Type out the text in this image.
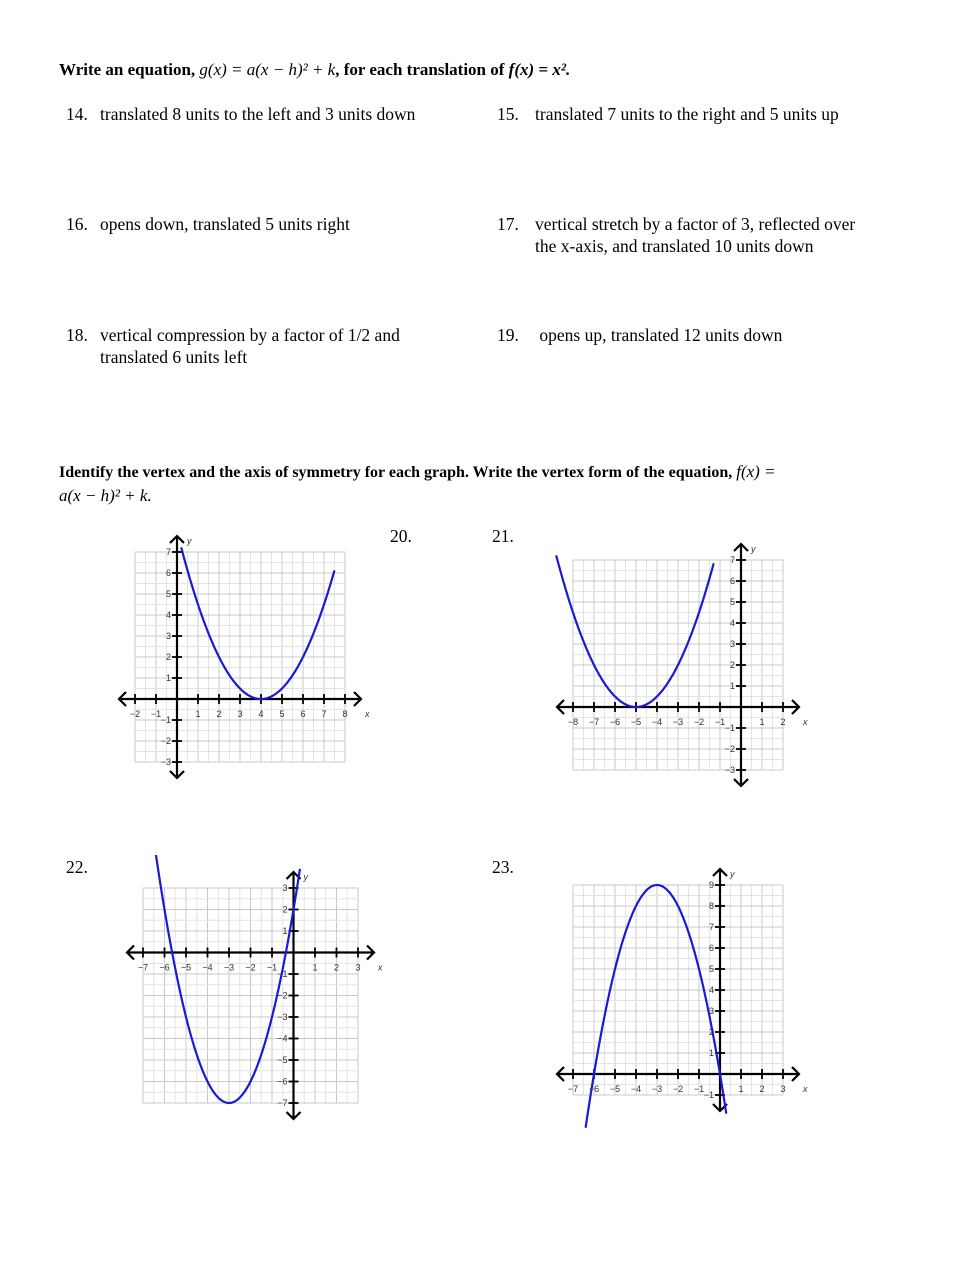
Write an equation, g(x) = a(x − h)² + k, for each translation of f(x) = x².
14. translated 8 units to the left and 3 units down	15. translated 7 units to the right and 5 units up
16. opens down, translated 5 units right	17. vertical stretch by a factor of 3, reflected over
the x-axis, and translated 10 units down
18. vertical compression by a factor of 1/2 and
translated 6 units left
19. opens up, translated 12 units down
Identify the vertex and the axis of symmetry for each graph. Write the vertex form of the equation, f(x) =
a(x − h)² + k.
20.	21.
22.	23.
−2 −1	1 2 3 4 5 6 7 8
7
6
5
4
3
2
1
−1
−2
−3
x
y
−8 −7 −6 −5 −4 −3 −2 −1	1 2
7
6
5
4
3
2
1
−1
−2
−3
x
y
−7 −6 −5 −4 −3 −2 −1	1 2 3
3
2
1
−1
−2
−3
−4
−5
−6
−7
x
y
−7 −6 −5 −4 −3 −2 −1	1 2 3
9
8
7
6
5
4
3
2
1
−1
x
y
